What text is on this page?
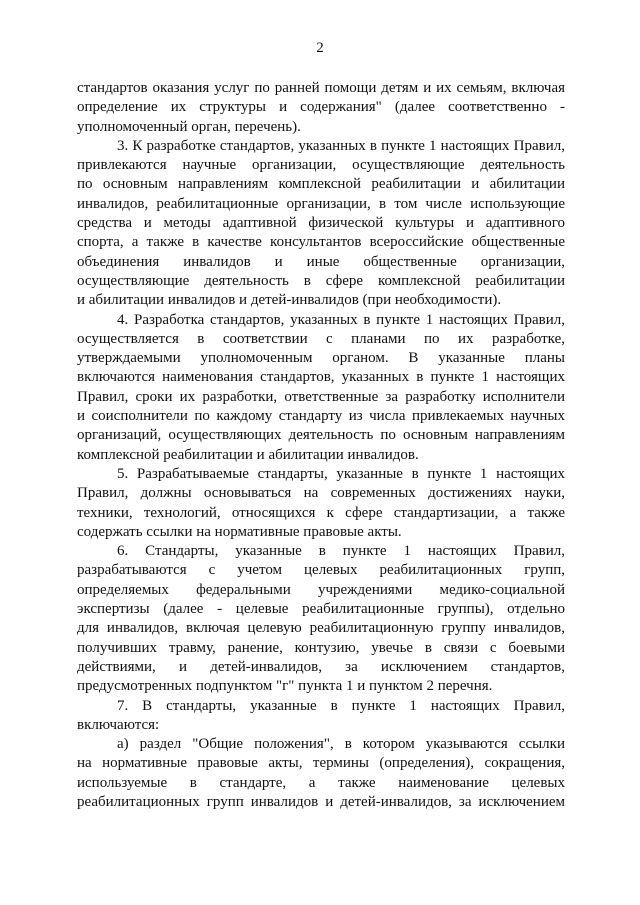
2
стандартов оказания услуг по ранней помощи детям и их семьям, включая
определение их структуры и содержания" (далее соответственно -
уполномоченный орган, перечень).
3. К разработке стандартов, указанных в пункте 1 настоящих Правил,
привлекаются научные организации, осуществляющие деятельность
по основным направлениям комплексной реабилитации и абилитации
инвалидов, реабилитационные организации, в том числе использующие
средства и методы адаптивной физической культуры и адаптивного
спорта, а также в качестве консультантов всероссийские общественные
объединения инвалидов и иные общественные организации,
осуществляющие деятельность в сфере комплексной реабилитации
и абилитации инвалидов и детей-инвалидов (при необходимости).
4. Разработка стандартов, указанных в пункте 1 настоящих Правил,
осуществляется в соответствии с планами по их разработке,
утверждаемыми уполномоченным органом. В указанные планы
включаются наименования стандартов, указанных в пункте 1 настоящих
Правил, сроки их разработки, ответственные за разработку исполнители
и соисполнители по каждому стандарту из числа привлекаемых научных
организаций, осуществляющих деятельность по основным направлениям
комплексной реабилитации и абилитации инвалидов.
5. Разрабатываемые стандарты, указанные в пункте 1 настоящих
Правил, должны основываться на современных достижениях науки,
техники, технологий, относящихся к сфере стандартизации, а также
содержать ссылки на нормативные правовые акты.
6. Стандарты, указанные в пункте 1 настоящих Правил,
разрабатываются с учетом целевых реабилитационных групп,
определяемых федеральными учреждениями медико-социальной
экспертизы (далее - целевые реабилитационные группы), отдельно
для инвалидов, включая целевую реабилитационную группу инвалидов,
получивших травму, ранение, контузию, увечье в связи с боевыми
действиями, и детей-инвалидов, за исключением стандартов,
предусмотренных подпунктом "г" пункта 1 и пунктом 2 перечня.
7. В стандарты, указанные в пункте 1 настоящих Правил,
включаются:
а) раздел "Общие положения", в котором указываются ссылки
на нормативные правовые акты, термины (определения), сокращения,
используемые в стандарте, а также наименование целевых
реабилитационных групп инвалидов и детей-инвалидов, за исключением
